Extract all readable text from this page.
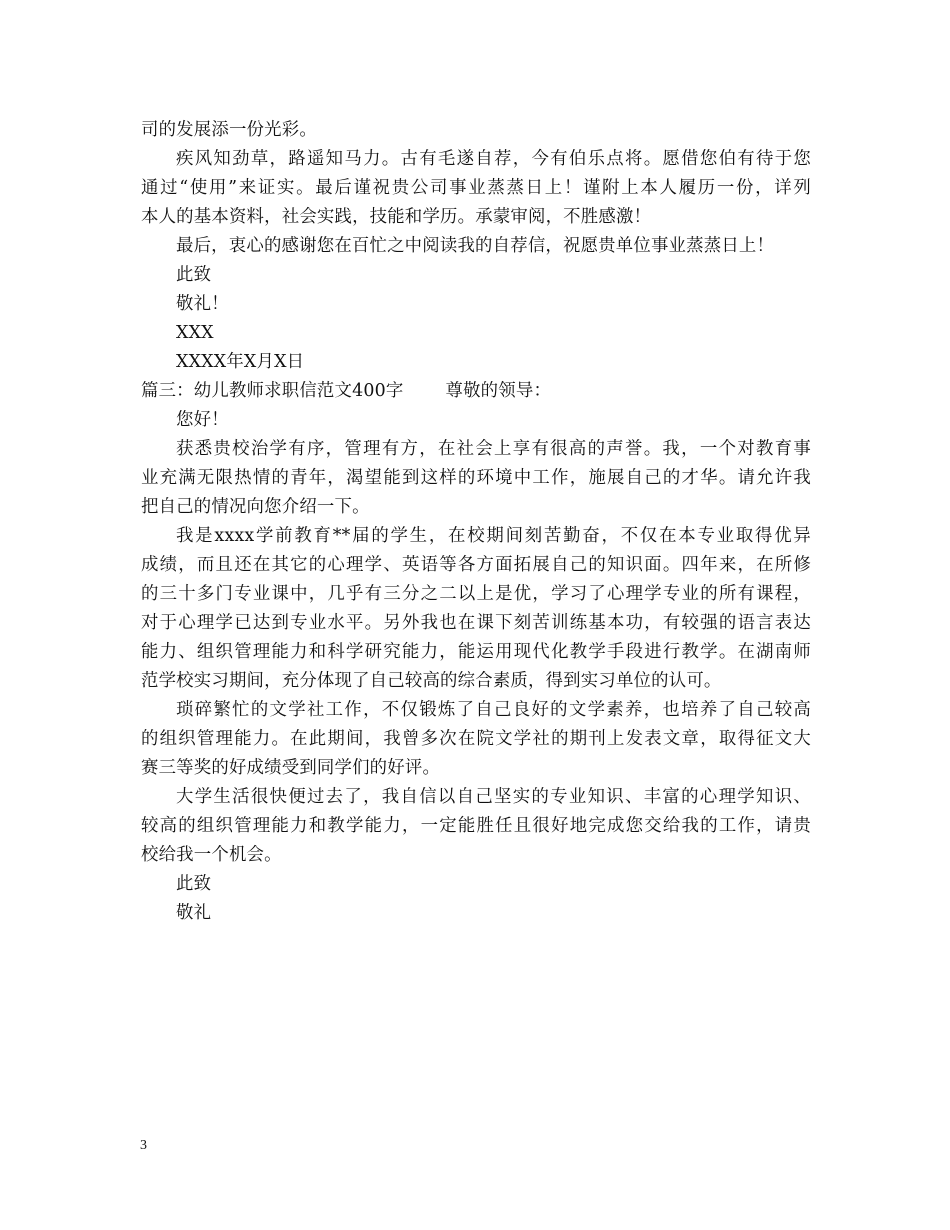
司的发展添一份光彩。
疾风知劲草，路遥知马力。古有毛遂自荐，今有伯乐点将。愿借您伯有待于您
通过“使用”来证实。最后谨祝贵公司事业蒸蒸日上！谨附上本人履历一份，详列
本人的基本资料，社会实践，技能和学历。承蒙审阅，不胜感激！
最后，衷心的感谢您在百忙之中阅读我的自荐信，祝愿贵单位事业蒸蒸日上！
此致
敬礼！
XXX
XXXX年X月X日
篇三：幼儿教师求职信范文400字 尊敬的领导：
您好！
获悉贵校治学有序，管理有方，在社会上享有很高的声誉。我，一个对教育事
业充满无限热情的青年，渴望能到这样的环境中工作，施展自己的才华。请允许我
把自己的情况向您介绍一下。
我是xxxx学前教育**届的学生，在校期间刻苦勤奋，不仅在本专业取得优异
成绩，而且还在其它的心理学、英语等各方面拓展自己的知识面。四年来，在所修
的三十多门专业课中，几乎有三分之二以上是优，学习了心理学专业的所有课程，
对于心理学已达到专业水平。另外我也在课下刻苦训练基本功，有较强的语言表达
能力、组织管理能力和科学研究能力，能运用现代化教学手段进行教学。在湖南师
范学校实习期间，充分体现了自己较高的综合素质，得到实习单位的认可。
琐碎繁忙的文学社工作，不仅锻炼了自己良好的文学素养，也培养了自己较高
的组织管理能力。在此期间，我曾多次在院文学社的期刊上发表文章，取得征文大
赛三等奖的好成绩受到同学们的好评。
大学生活很快便过去了，我自信以自己坚实的专业知识、丰富的心理学知识、
较高的组织管理能力和教学能力，一定能胜任且很好地完成您交给我的工作，请贵
校给我一个机会。
此致
敬礼
3
